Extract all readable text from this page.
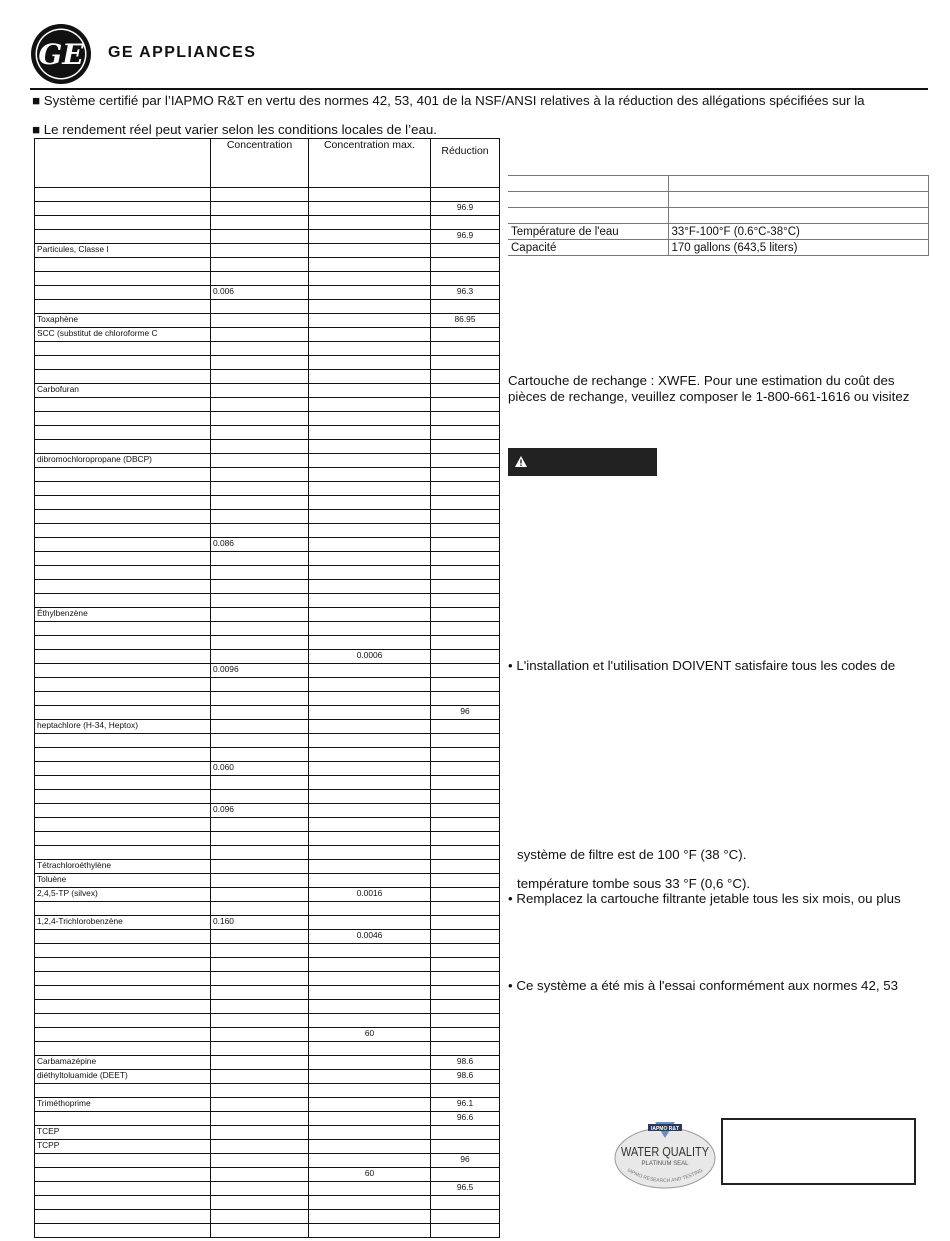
GE GE APPLIANCES
■ Système certifié par l’IAPMO R&T en vertu des normes 42, 53, 401 de la NSF/ANSI relatives à la réduction des allégations spécifiées sur la
■ Le rendement réel peut varier selon les conditions locales de l’eau.
	Concentration	Concentration max.	Réduction

			96.9

			96.9
Particules, Classe I			

	0.006		96.3

Toxaphène			86.95
SCC (substitut de chloroforme C			

Carbofuran			

dibromochloropropane (DBCP)			

	0.086		

Éthylbenzène			

		0.0006	
	0.0096		

			96
heptachlore (H-34, Heptox)			

	0.060		

	0.096		

Tétrachloroéthylène			
Toluène			
2,4,5-TP (silvex)		0.0016	

1,2,4-Trichlorobenzène	0.160		
		0.0046	

		60	

Carbamazépine			98.6
diéthyltoluamide (DEET)			98.6

Triméthoprime			96.1
			96.6
TCEP			
TCPP			
			96
		60	
			96.5

Température de l'eau	33°F-100°F (0.6°C-38°C)
Capacité	170 gallons (643,5 liters)
Cartouche de rechange : XWFE. Pour une estimation du coût des
pièces de rechange, veuillez composer le 1-800-661-1616 ou visitez
• L'installation et l'utilisation DOIVENT satisfaire tous les codes de
système de filtre est de 100 °F (38 °C).
température tombe sous 33 °F (0,6 °C).
• Remplacez la cartouche filtrante jetable tous les six mois, ou plus
• Ce système a été mis à l'essai conformément aux normes 42, 53
IAPMO R&T
WATER QUALITY
PLATINUM SEAL
IAPMO RESEARCH AND TESTING
